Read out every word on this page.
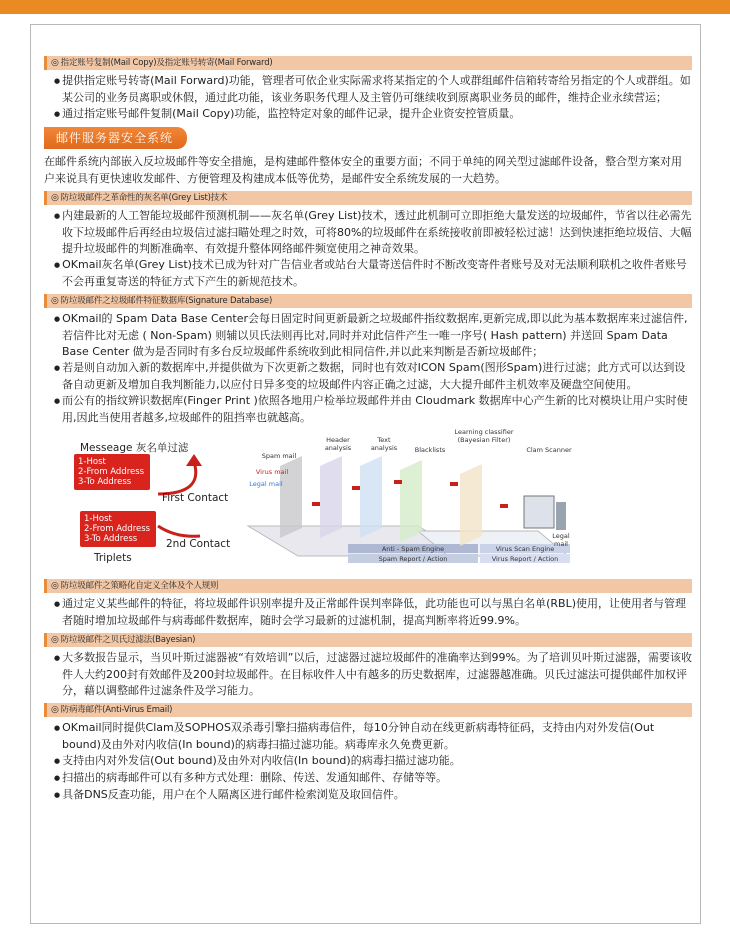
◎ 指定账号复制(Mail Copy)及指定账号转寄(Mail Forward)
● 提供指定账号转寄(Mail Forward)功能，管理者可依企业实际需求将某指定的个人或群组邮件信箱转寄给另指定的个人或群组。如某公司的业务员离职或休假，通过此功能，该业务职务代理人及主管仍可继续收到原离职业务员的邮件，维持企业永续营运；
● 通过指定账号邮件复制(Mail Copy)功能，监控特定对象的邮件记录，提升企业资安控管质量。
邮件服务器安全系统

在邮件系统内部嵌入反垃圾邮件等安全措施，是构建邮件整体安全的重要方面；不同于单纯的网关型过滤邮件设备，整合型方案对用户来说具有更快速收发邮件、方便管理及构建成本低等优势，是邮件安全系统发展的一大趋势。

◎ 防垃圾邮件之革命性的灰名单(Grey List)技术
● 内建最新的人工智能垃圾邮件预测机制——灰名单(Grey List)技术，透过此机制可立即拒绝大量发送的垃圾邮件，节省以往必需先收下垃圾邮件后再经由垃圾信过滤扫瞄处理之时效，可将80%的垃圾邮件在系统接收前即被轻松过滤！达到快速拒绝垃圾信、大幅提升垃圾邮件的判断准确率、有效提升整体网络邮件频宽使用之神奇效果。
● OKmail灰名单(Grey List)技术已成为针对广告信业者或站台大量寄送信件时不断改变寄件者账号及对无法顺利联机之收件者账号不会再重复寄送的特征方式下产生的新规范技术。
◎ 防垃圾邮件之垃圾邮件特征数据库(Signature Database)
● OKmail的 Spam Data Base Center会每日固定时间更新最新之垃圾邮件指纹数据库,更新完成,即以此为基本数据库来过滤信件,若信件比对无虑 ( Non-Spam) 则辅以贝氏法则再比对,同时并对此信件产生一唯一序号( Hash pattern) 并送回 Spam Data Base Center 做为是否同时有多台反垃圾邮件系统收到此相同信件,并以此来判断是否新垃圾邮件；
● 若是则自动加入新的数据库中,并提供做为下次更新之数据，同时也有效对ICON Spam(图形Spam)进行过滤；此方式可以达到设备自动更新及增加自我判断能力,以应付日异多变的垃圾邮件内容正确之过滤，大大提升邮件主机效率及硬盘空间使用。
● 而公有的指纹辨识数据库(Finger Print )依照各地用户检举垃圾邮件并由 Cloudmark 数据库中心产生新的比对模块让用户实时使用,因此当使用者越多,垃圾邮件的阻挡率也就越高。
Messeage 灰名单过滤
1-Host
2-From Address
3-To Address
First Contact
1-Host
2-From Address
3-To Address	2nd Contact
Triplets
Spam mail
Virus mail
Legal mail
Header analysis
Text analysis	Blacklists
Learning classifier (Bayesian Filter)
Clam Scanner
Legal mail
Anti - Spam Engine
Spam Report / Action
Virus Scan Engine
Virus Report / Action
◎ 防垃圾邮件之策略化自定义全体及个人规则
● 通过定义某些邮件的特征，将垃圾邮件识别率提升及正常邮件误判率降低，此功能也可以与黑白名单(RBL)使用，让使用者与管理者随时增加垃圾邮件与病毒邮件数据库，随时会学习最新的过滤机制，提高判断率将近99.9%。
◎ 防垃圾邮件之贝氏过滤法(Bayesian)
● 大多数报告显示，当贝叶斯过滤器被“有效培训”以后，过滤器过滤垃圾邮件的准确率达到99%。为了培训贝叶斯过滤器，需要该收件人大约200封有效邮件及200封垃圾邮件。在目标收件人中有越多的历史数据库，过滤器越准确。贝氏过滤法可提供邮件加权评分，藉以调整邮件过滤条件及学习能力。
◎ 防病毒邮件(Anti-Virus Email)
● OKmail同时提供Clam及SOPHOS双杀毒引擎扫描病毒信件，每10分钟自动在线更新病毒特征码，支持由内对外发信(Out bound)及由外对内收信(In bound)的病毒扫描过滤功能。病毒库永久免费更新。
● 支持由内对外发信(Out bound)及由外对内收信(In bound)的病毒扫描过滤功能。
● 扫描出的病毒邮件可以有多种方式处理：删除、传送、发通知邮件、存储等等。
● 具备DNS反查功能，用户在个人隔离区进行邮件检索浏览及取回信件。
